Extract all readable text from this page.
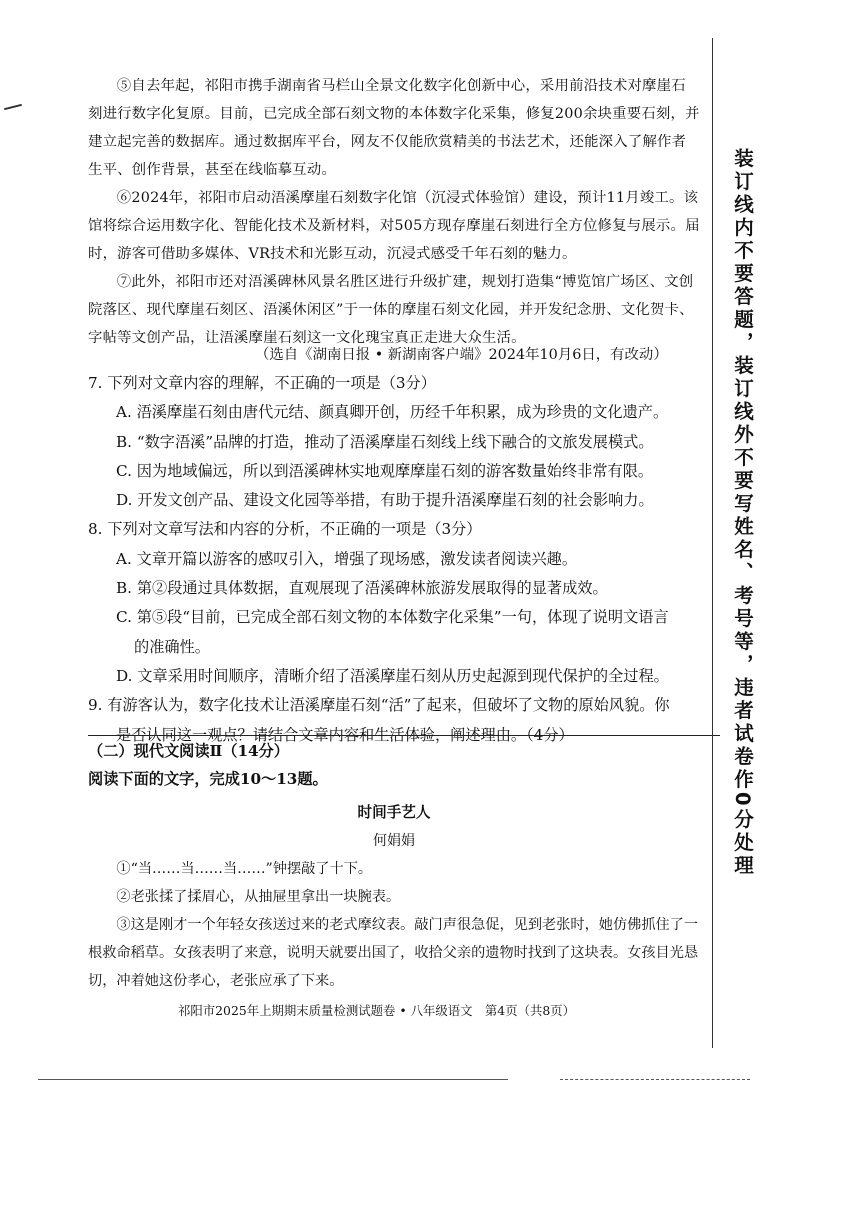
⑤自去年起，祁阳市携手湖南省马栏山全景文化数字化创新中心，采用前沿技术对摩崖石刻进行数字化复原。目前，已完成全部石刻文物的本体数字化采集，修复200余块重要石刻，并建立起完善的数据库。通过数据库平台，网友不仅能欣赏精美的书法艺术，还能深入了解作者生平、创作背景，甚至在线临摹互动。

⑥2024年，祁阳市启动浯溪摩崖石刻数字化馆（沉浸式体验馆）建设，预计11月竣工。该馆将综合运用数字化、智能化技术及新材料，对505方现存摩崖石刻进行全方位修复与展示。届时，游客可借助多媒体、VR技术和光影互动，沉浸式感受千年石刻的魅力。

⑦此外，祁阳市还对浯溪碑林风景名胜区进行升级扩建，规划打造集“博览馆广场区、文创院落区、现代摩崖石刻区、浯溪休闲区”于一体的摩崖石刻文化园，并开发纪念册、文化贺卡、字帖等文创产品，让浯溪摩崖石刻这一文化瑰宝真正走进大众生活。

（选自《湖南日报 • 新湖南客户端》2024年10月6日，有改动）

7. 下列对文章内容的理解，不正确的一项是（3分）

A. 浯溪摩崖石刻由唐代元结、颜真卿开创，历经千年积累，成为珍贵的文化遗产。

B. “数字浯溪”品牌的打造，推动了浯溪摩崖石刻线上线下融合的文旅发展模式。

C. 因为地域偏远，所以到浯溪碑林实地观摩摩崖石刻的游客数量始终非常有限。

D. 开发文创产品、建设文化园等举措，有助于提升浯溪摩崖石刻的社会影响力。

8. 下列对文章写法和内容的分析，不正确的一项是（3分）

A. 文章开篇以游客的感叹引入，增强了现场感，激发读者阅读兴趣。

B. 第②段通过具体数据，直观展现了浯溪碑林旅游发展取得的显著成效。

C. 第⑤段“目前，已完成全部石刻文物的本体数字化采集”一句，体现了说明文语言

的准确性。

D. 文章采用时间顺序，清晰介绍了浯溪摩崖石刻从历史起源到现代保护的全过程。

9. 有游客认为，数字化技术让浯溪摩崖石刻“活”了起来，但破坏了文物的原始风貌。你

是否认同这一观点？请结合文章内容和生活体验，阐述理由。（4分）

（二）现代文阅读Ⅱ（14分）

阅读下面的文字，完成10～13题。

时间手艺人

何娟娟

①“当……当……当……”钟摆敲了十下。

②老张揉了揉眉心，从抽屉里拿出一块腕表。

③这是刚才一个年轻女孩送过来的老式摩纹表。敲门声很急促，见到老张时，她仿佛抓住了一根救命稻草。女孩表明了来意，说明天就要出国了，收拾父亲的遗物时找到了这块表。女孩目光恳切，冲着她这份孝心，老张应承了下来。

祁阳市2025年上期期末质量检测试题卷 • 八年级语文　第4页（共8页）
装订线内不要答题，装订线外不要写姓名、考号等，违者试卷作0分处理
